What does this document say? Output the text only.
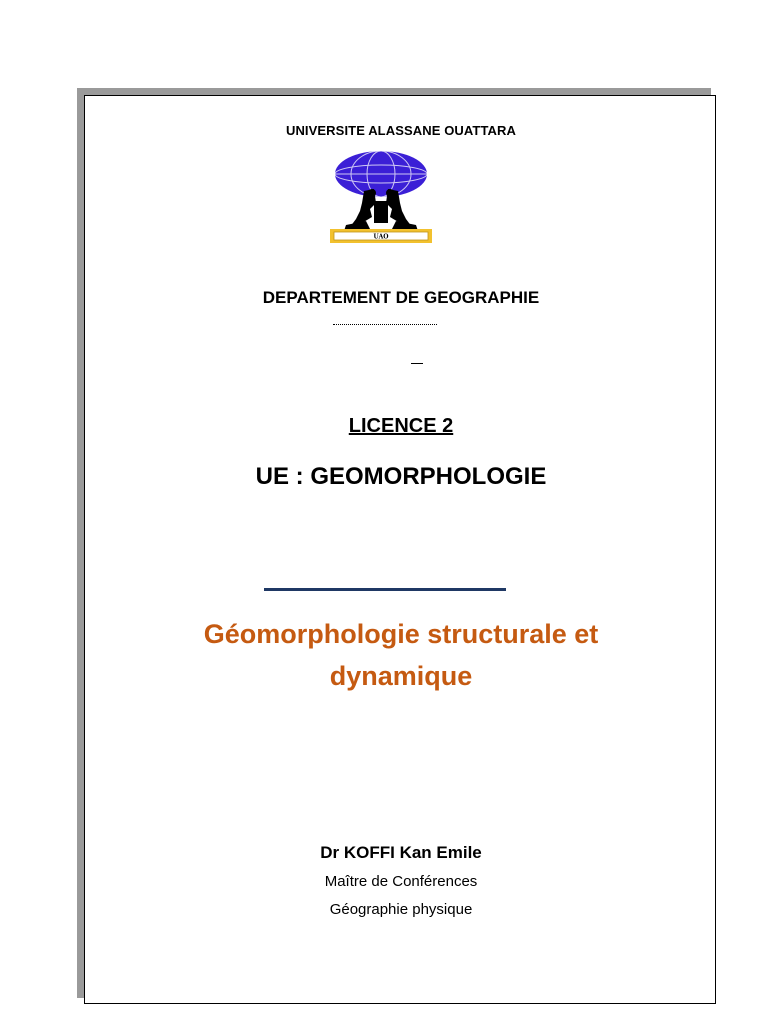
UNIVERSITE ALASSANE OUATTARA
UAO
DEPARTEMENT DE GEOGRAPHIE
LICENCE 2
UE : GEOMORPHOLOGIE
Géomorphologie structurale et
dynamique
Dr KOFFI Kan Emile
Maître de Conférences
Géographie physique
